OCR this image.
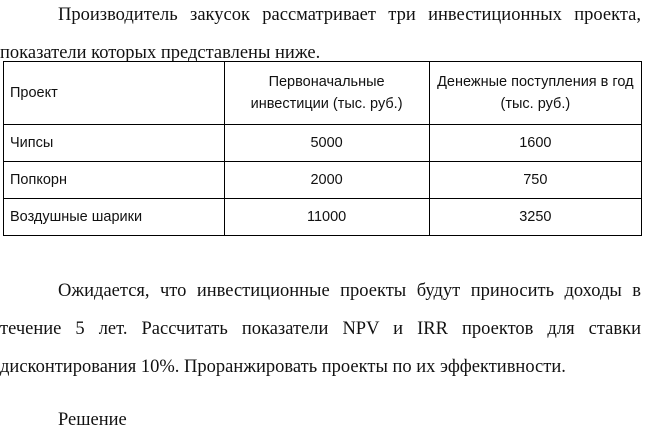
Производитель закусок рассматривает три инвестиционных проекта,
показатели которых представлены ниже.
Проект	Первоначальные инвестиции (тыс. руб.)	Денежные поступления в год (тыс. руб.)
Чипсы	5000	1600
Попкорн	2000	750
Воздушные шарики	11000	3250
Ожидается, что инвестиционные проекты будут приносить доходы в
течение 5 лет. Рассчитать показатели NPV и IRR проектов для ставки
дисконтирования 10%. Проранжировать проекты по их эффективности.

Решение
